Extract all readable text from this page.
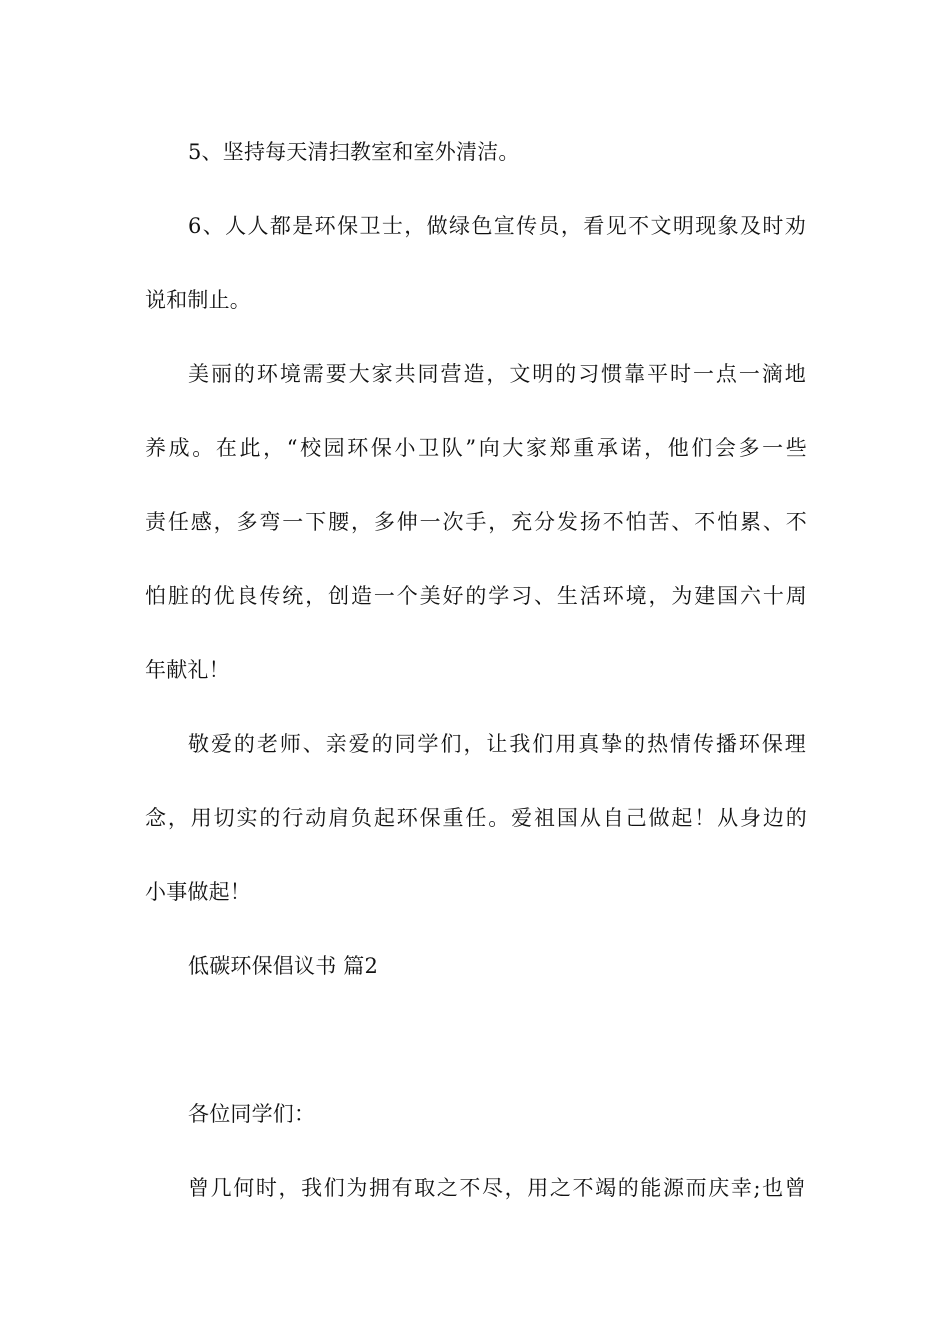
5、坚持每天清扫教室和室外清洁。
6、人人都是环保卫士，做绿色宣传员，看见不文明现象及时劝
说和制止。
美丽的环境需要大家共同营造，文明的习惯靠平时一点一滴地
养成。在此，“校园环保小卫队”向大家郑重承诺，他们会多一些
责任感，多弯一下腰，多伸一次手，充分发扬不怕苦、不怕累、不
怕脏的优良传统，创造一个美好的学习、生活环境，为建国六十周
年献礼！
敬爱的老师、亲爱的同学们，让我们用真挚的热情传播环保理
念，用切实的行动肩负起环保重任。爱祖国从自己做起！从身边的
小事做起！
低碳环保倡议书 篇2
各位同学们：
曾几何时，我们为拥有取之不尽，用之不竭的能源而庆幸;也曾
